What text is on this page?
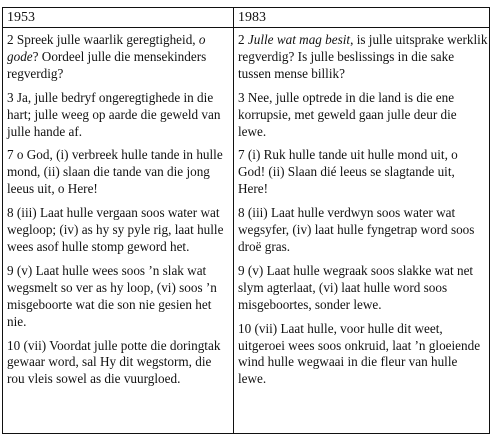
1953	1983

2 Spreek julle waarlik geregtigheid, o gode? Oordeel julle die mensekinders regverdig?

3 Ja, julle bedryf ongeregtighede in die hart; julle weeg op aarde die geweld van julle hande af.

7 o God, (i) verbreek hulle tande in hulle mond, (ii) slaan die tande van die jong leeus uit, o Here!

8 (iii) Laat hulle vergaan soos water wat wegloop; (iv) as hy sy pyle rig, laat hulle wees asof hulle stomp geword het.

9 (v) Laat hulle wees soos ’n slak wat wegsmelt so ver as hy loop, (vi) soos ’n misgeboorte wat die son nie gesien het nie.

10 (vii) Voordat julle potte die doringtak gewaar word, sal Hy dit wegstorm, die rou vleis sowel as die vuurgloed.

2 Julle wat mag besit, is julle uitsprake werklik regverdig? Is julle beslissings in die sake tussen mense billik?

3 Nee, julle optrede in die land is die ene korrupsie, met geweld gaan julle deur die lewe.

7 (i) Ruk hulle tande uit hulle mond uit, o God! (ii) Slaan dié leeus se slagtande uit, Here!

8 (iii) Laat hulle verdwyn soos water wat wegsyfer, (iv) laat hulle fyngetrap word soos droë gras.

9 (v) Laat hulle wegraak soos slakke wat net slym agterlaat, (vi) laat hulle word soos misgeboortes, sonder lewe.

10 (vii) Laat hulle, voor hulle dit weet, uitgeroei wees soos onkruid, laat ’n gloeiende wind hulle wegwaai in die fleur van hulle lewe.
